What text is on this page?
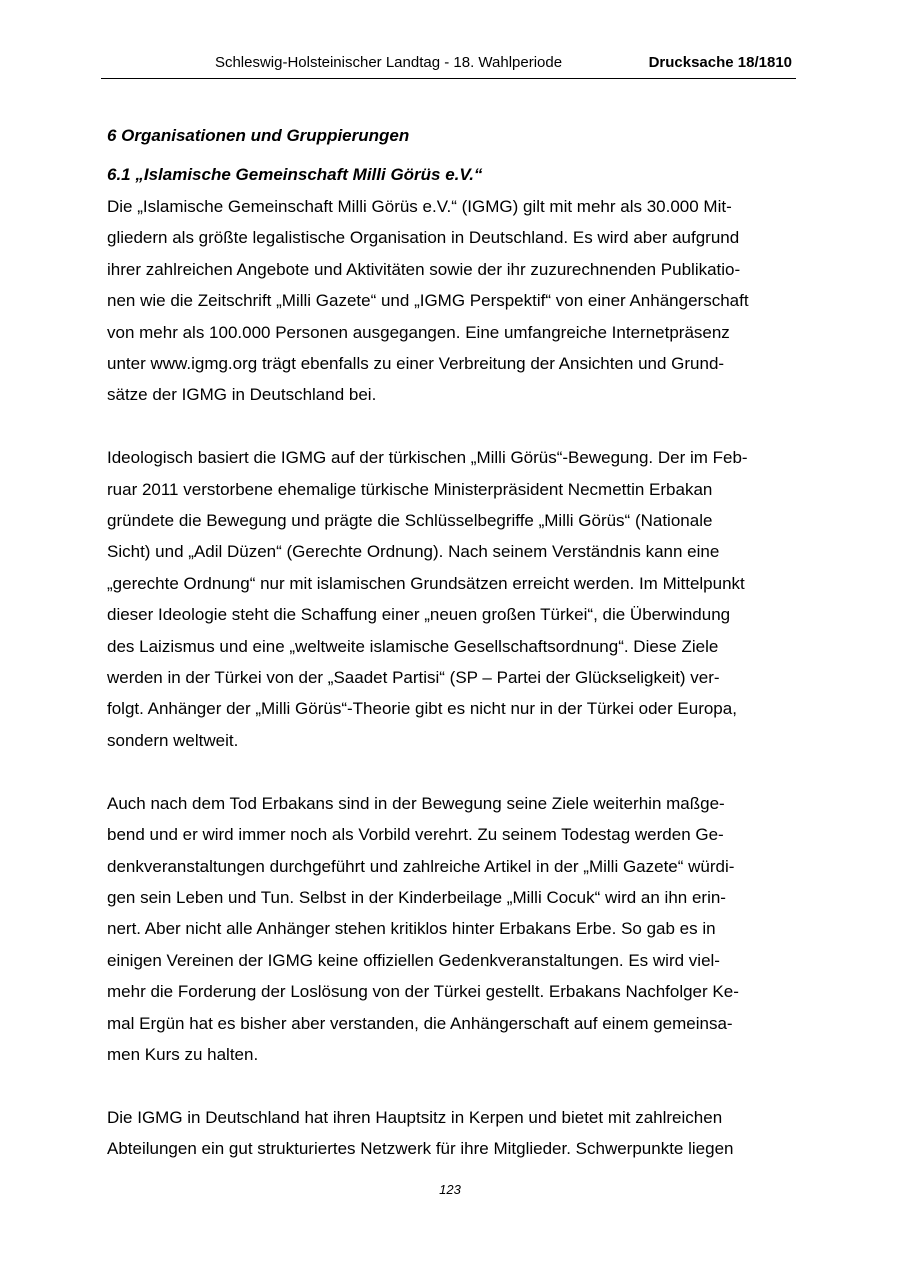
Schleswig-Holsteinischer Landtag - 18. Wahlperiode	Drucksache 18/1810
6 Organisationen und Gruppierungen
6.1 „Islamische Gemeinschaft Milli Görüs e.V.“
Die „Islamische Gemeinschaft Milli Görüs e.V.“ (IGMG) gilt mit mehr als 30.000 Mit-
gliedern als größte legalistische Organisation in Deutschland. Es wird aber aufgrund
ihrer zahlreichen Angebote und Aktivitäten sowie der ihr zuzurechnenden Publikatio-
nen wie die Zeitschrift „Milli Gazete“ und „IGMG Perspektif“ von einer Anhängerschaft
von mehr als 100.000 Personen ausgegangen. Eine umfangreiche Internetpräsenz
unter www.igmg.org trägt ebenfalls zu einer Verbreitung der Ansichten und Grund-
sätze der IGMG in Deutschland bei.
Ideologisch basiert die IGMG auf der türkischen „Milli Görüs“-Bewegung. Der im Feb-
ruar 2011 verstorbene ehemalige türkische Ministerpräsident Necmettin Erbakan
gründete die Bewegung und prägte die Schlüsselbegriffe „Milli Görüs“ (Nationale
Sicht) und „Adil Düzen“ (Gerechte Ordnung). Nach seinem Verständnis kann eine
„gerechte Ordnung“ nur mit islamischen Grundsätzen erreicht werden. Im Mittelpunkt
dieser Ideologie steht die Schaffung einer „neuen großen Türkei“, die Überwindung
des Laizismus und eine „weltweite islamische Gesellschaftsordnung“. Diese Ziele
werden in der Türkei von der „Saadet Partisi“ (SP – Partei der Glückseligkeit) ver-
folgt. Anhänger der „Milli Görüs“-Theorie gibt es nicht nur in der Türkei oder Europa,
sondern weltweit.
Auch nach dem Tod Erbakans sind in der Bewegung seine Ziele weiterhin maßge-
bend und er wird immer noch als Vorbild verehrt. Zu seinem Todestag werden Ge-
denkveranstaltungen durchgeführt und zahlreiche Artikel in der „Milli Gazete“ würdi-
gen sein Leben und Tun. Selbst in der Kinderbeilage „Milli Cocuk“ wird an ihn erin-
nert. Aber nicht alle Anhänger stehen kritiklos hinter Erbakans Erbe. So gab es in
einigen Vereinen der IGMG keine offiziellen Gedenkveranstaltungen. Es wird viel-
mehr die Forderung der Loslösung von der Türkei gestellt. Erbakans Nachfolger Ke-
mal Ergün hat es bisher aber verstanden, die Anhängerschaft auf einem gemeinsa-
men Kurs zu halten.
Die IGMG in Deutschland hat ihren Hauptsitz in Kerpen und bietet mit zahlreichen
Abteilungen ein gut strukturiertes Netzwerk für ihre Mitglieder. Schwerpunkte liegen
123
